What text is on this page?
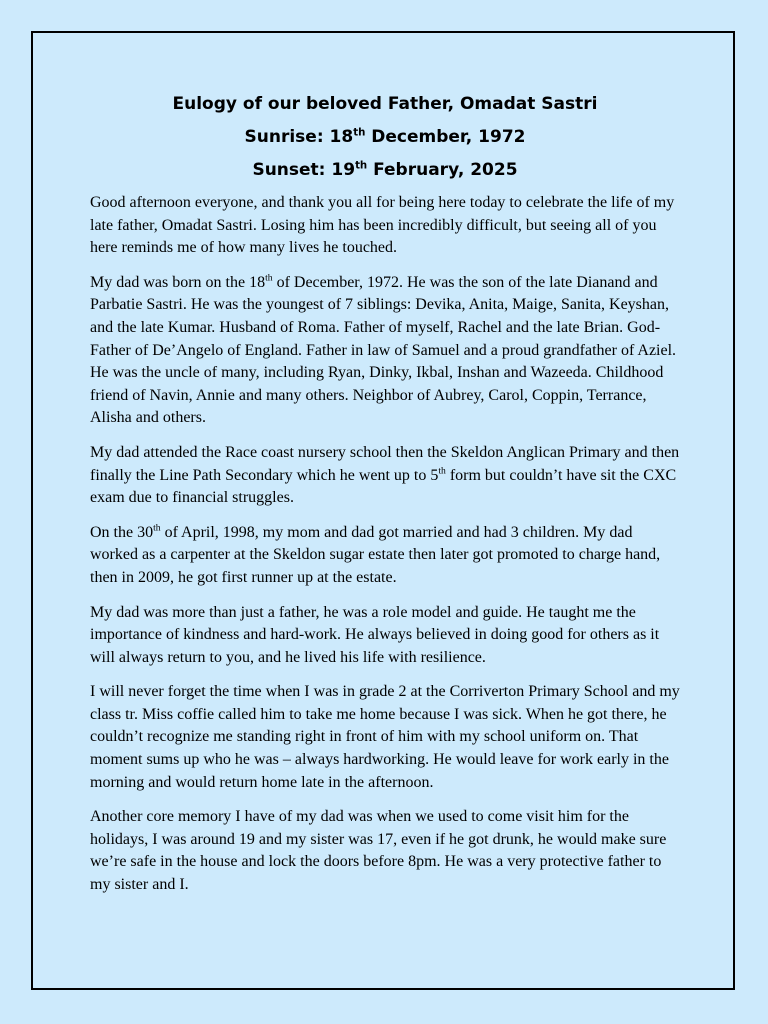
Eulogy of our beloved Father, Omadat Sastri
Sunrise: 18th December, 1972
Sunset: 19th February, 2025

Good afternoon everyone, and thank you all for being here today to celebrate the life of my late father, Omadat Sastri. Losing him has been incredibly difficult, but seeing all of you here reminds me of how many lives he touched.

My dad was born on the 18th of December, 1972. He was the son of the late Dianand and Parbatie Sastri. He was the youngest of 7 siblings: Devika, Anita, Maige, Sanita, Keyshan, and the late Kumar. Husband of Roma. Father of myself, Rachel and the late Brian. God-Father of De’Angelo of England. Father in law of Samuel and a proud grandfather of Aziel. He was the uncle of many, including Ryan, Dinky, Ikbal, Inshan and Wazeeda. Childhood friend of Navin, Annie and many others. Neighbor of Aubrey, Carol, Coppin, Terrance, Alisha and others.

My dad attended the Race coast nursery school then the Skeldon Anglican Primary and then finally the Line Path Secondary which he went up to 5th form but couldn’t have sit the CXC exam due to financial struggles.

On the 30th of April, 1998, my mom and dad got married and had 3 children. My dad worked as a carpenter at the Skeldon sugar estate then later got promoted to charge hand, then in 2009, he got first runner up at the estate.

My dad was more than just a father, he was a role model and guide. He taught me the importance of kindness and hard-work. He always believed in doing good for others as it will always return to you, and he lived his life with resilience.

I will never forget the time when I was in grade 2 at the Corriverton Primary School and my class tr. Miss coffie called him to take me home because I was sick. When he got there, he couldn’t recognize me standing right in front of him with my school uniform on. That moment sums up who he was – always hardworking. He would leave for work early in the morning and would return home late in the afternoon.

Another core memory I have of my dad was when we used to come visit him for the holidays, I was around 19 and my sister was 17, even if he got drunk, he would make sure we’re safe in the house and lock the doors before 8pm. He was a very protective father to my sister and I.
